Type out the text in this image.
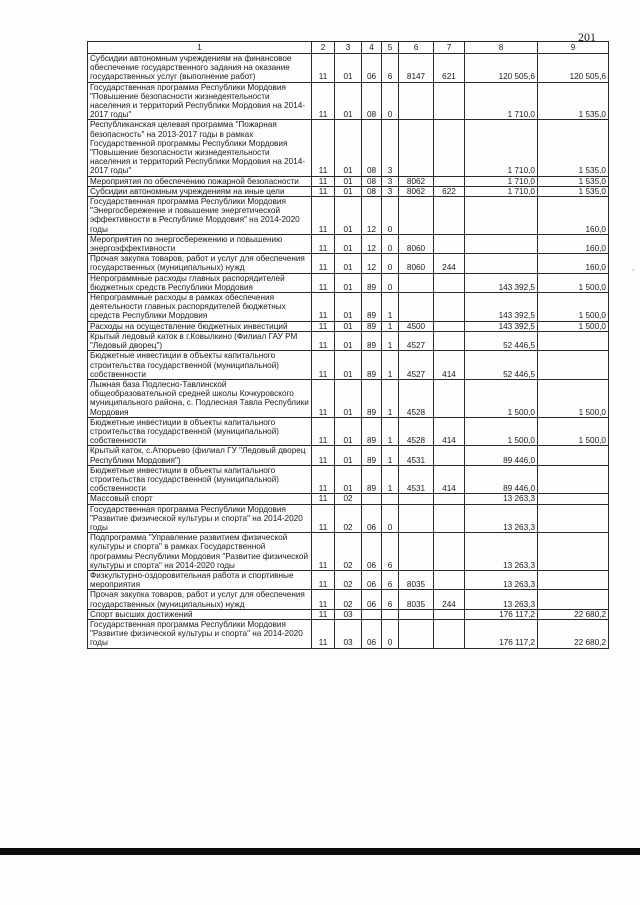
201
1	2	3	4	5	6	7	8	9
Субсидии автономным учреждениям на финансовое обеспечение государственного задания на оказание государственных услуг (выполнение работ)	11	01	06	6	8147	621	120 505,6	120 505,6
Государственная программа Республики Мордовия "Повышение безопасности жизнедеятельности населения и территорий Республики Мордовия на 2014-2017 годы"	11	01	08	0			1 710,0	1 535,0
Республиканская целевая программа "Пожарная безопасность" на 2013-2017 годы в рамках Государственной программы Республики Мордовия "Повышение безопасности жизнедеятельности населения и территорий Республики Мордовия на 2014-2017 годы"	11	01	08	3			1 710,0	1 535,0
Мероприятия по обеспечению пожарной безопасности	11	01	08	3	8062		1 710,0	1 535,0
Субсидии автономным учреждениям на иные цели	11	01	08	3	8062	622	1 710,0	1 535,0
Государственная программа Республики Мордовия "Энергосбережение и повышение энергетической эффективности в Республике Мордовия" на 2014-2020 годы	11	01	12	0				160,0
Мероприятия по энергосбережению и повышению энергоэффективности	11	01	12	0	8060			160,0
Прочая закупка товаров, работ и услуг для обеспечения государственных (муниципальных) нужд	11	01	12	0	8060	244		160,0
Непрограммные расходы главных распорядителей бюджетных средств Республики Мордовия	11	01	89	0			143 392,5	1 500,0
Непрограммные расходы в рамках обеспечения деятельности главных распорядителей бюджетных средств Республики Мордовия	11	01	89	1			143 392,5	1 500,0
Расходы на осуществление бюджетных инвестиций	11	01	89	1	4500		143 392,5	1 500,0
Крытый ледовый каток в г.Ковылкино (Филиал ГАУ РМ "Ледовый дворец")	11	01	89	1	4527		52 446,5	
Бюджетные инвестиции в объекты капитального строительства государственной (муниципальной) собственности	11	01	89	1	4527	414	52 446,5	
Лыжная база Подлесно-Тавлинской общеобразовательной средней школы Кочкуровского муниципального района, с. Подлесная Тавла Республики Мордовия	11	01	89	1	4528		1 500,0	1 500,0
Бюджетные инвестиции в объекты капитального строительства государственной (муниципальной) собственности	11	01	89	1	4528	414	1 500,0	1 500,0
Крытый каток, с.Атюрьево (филиал ГУ "Ледовый дворец Республики Мордовия")	11	01	89	1	4531		89 446,0	
Бюджетные инвестиции в объекты капитального строительства государственной (муниципальной) собственности	11	01	89	1	4531	414	89 446,0	
Массовый спорт	11	02					13 263,3	
Государственная программа Республики Мордовия "Развитие физической культуры и спорта" на 2014-2020 годы	11	02	06	0			13 263,3	
Подпрограмма "Управление развитием физической культуры и спорта" в рамках Государственной программы Республики Мордовия "Развитие физической культуры и спорта" на 2014-2020 годы	11	02	06	6			13 263,3	
Физкультурно-оздоровительная работа и спортивные мероприятия	11	02	06	6	8035		13 263,3	
Прочая закупка товаров, работ и услуг для обеспечения государственных (муниципальных) нужд	11	02	06	6	8035	244	13 263,3	
Спорт высших достижений	11	03					176 117,2	22 680,2
Государственная программа Республики Мордовия "Развитие физической культуры и спорта" на 2014-2020 годы	11	03	06	0			176 117,2	22 680,2
‘
